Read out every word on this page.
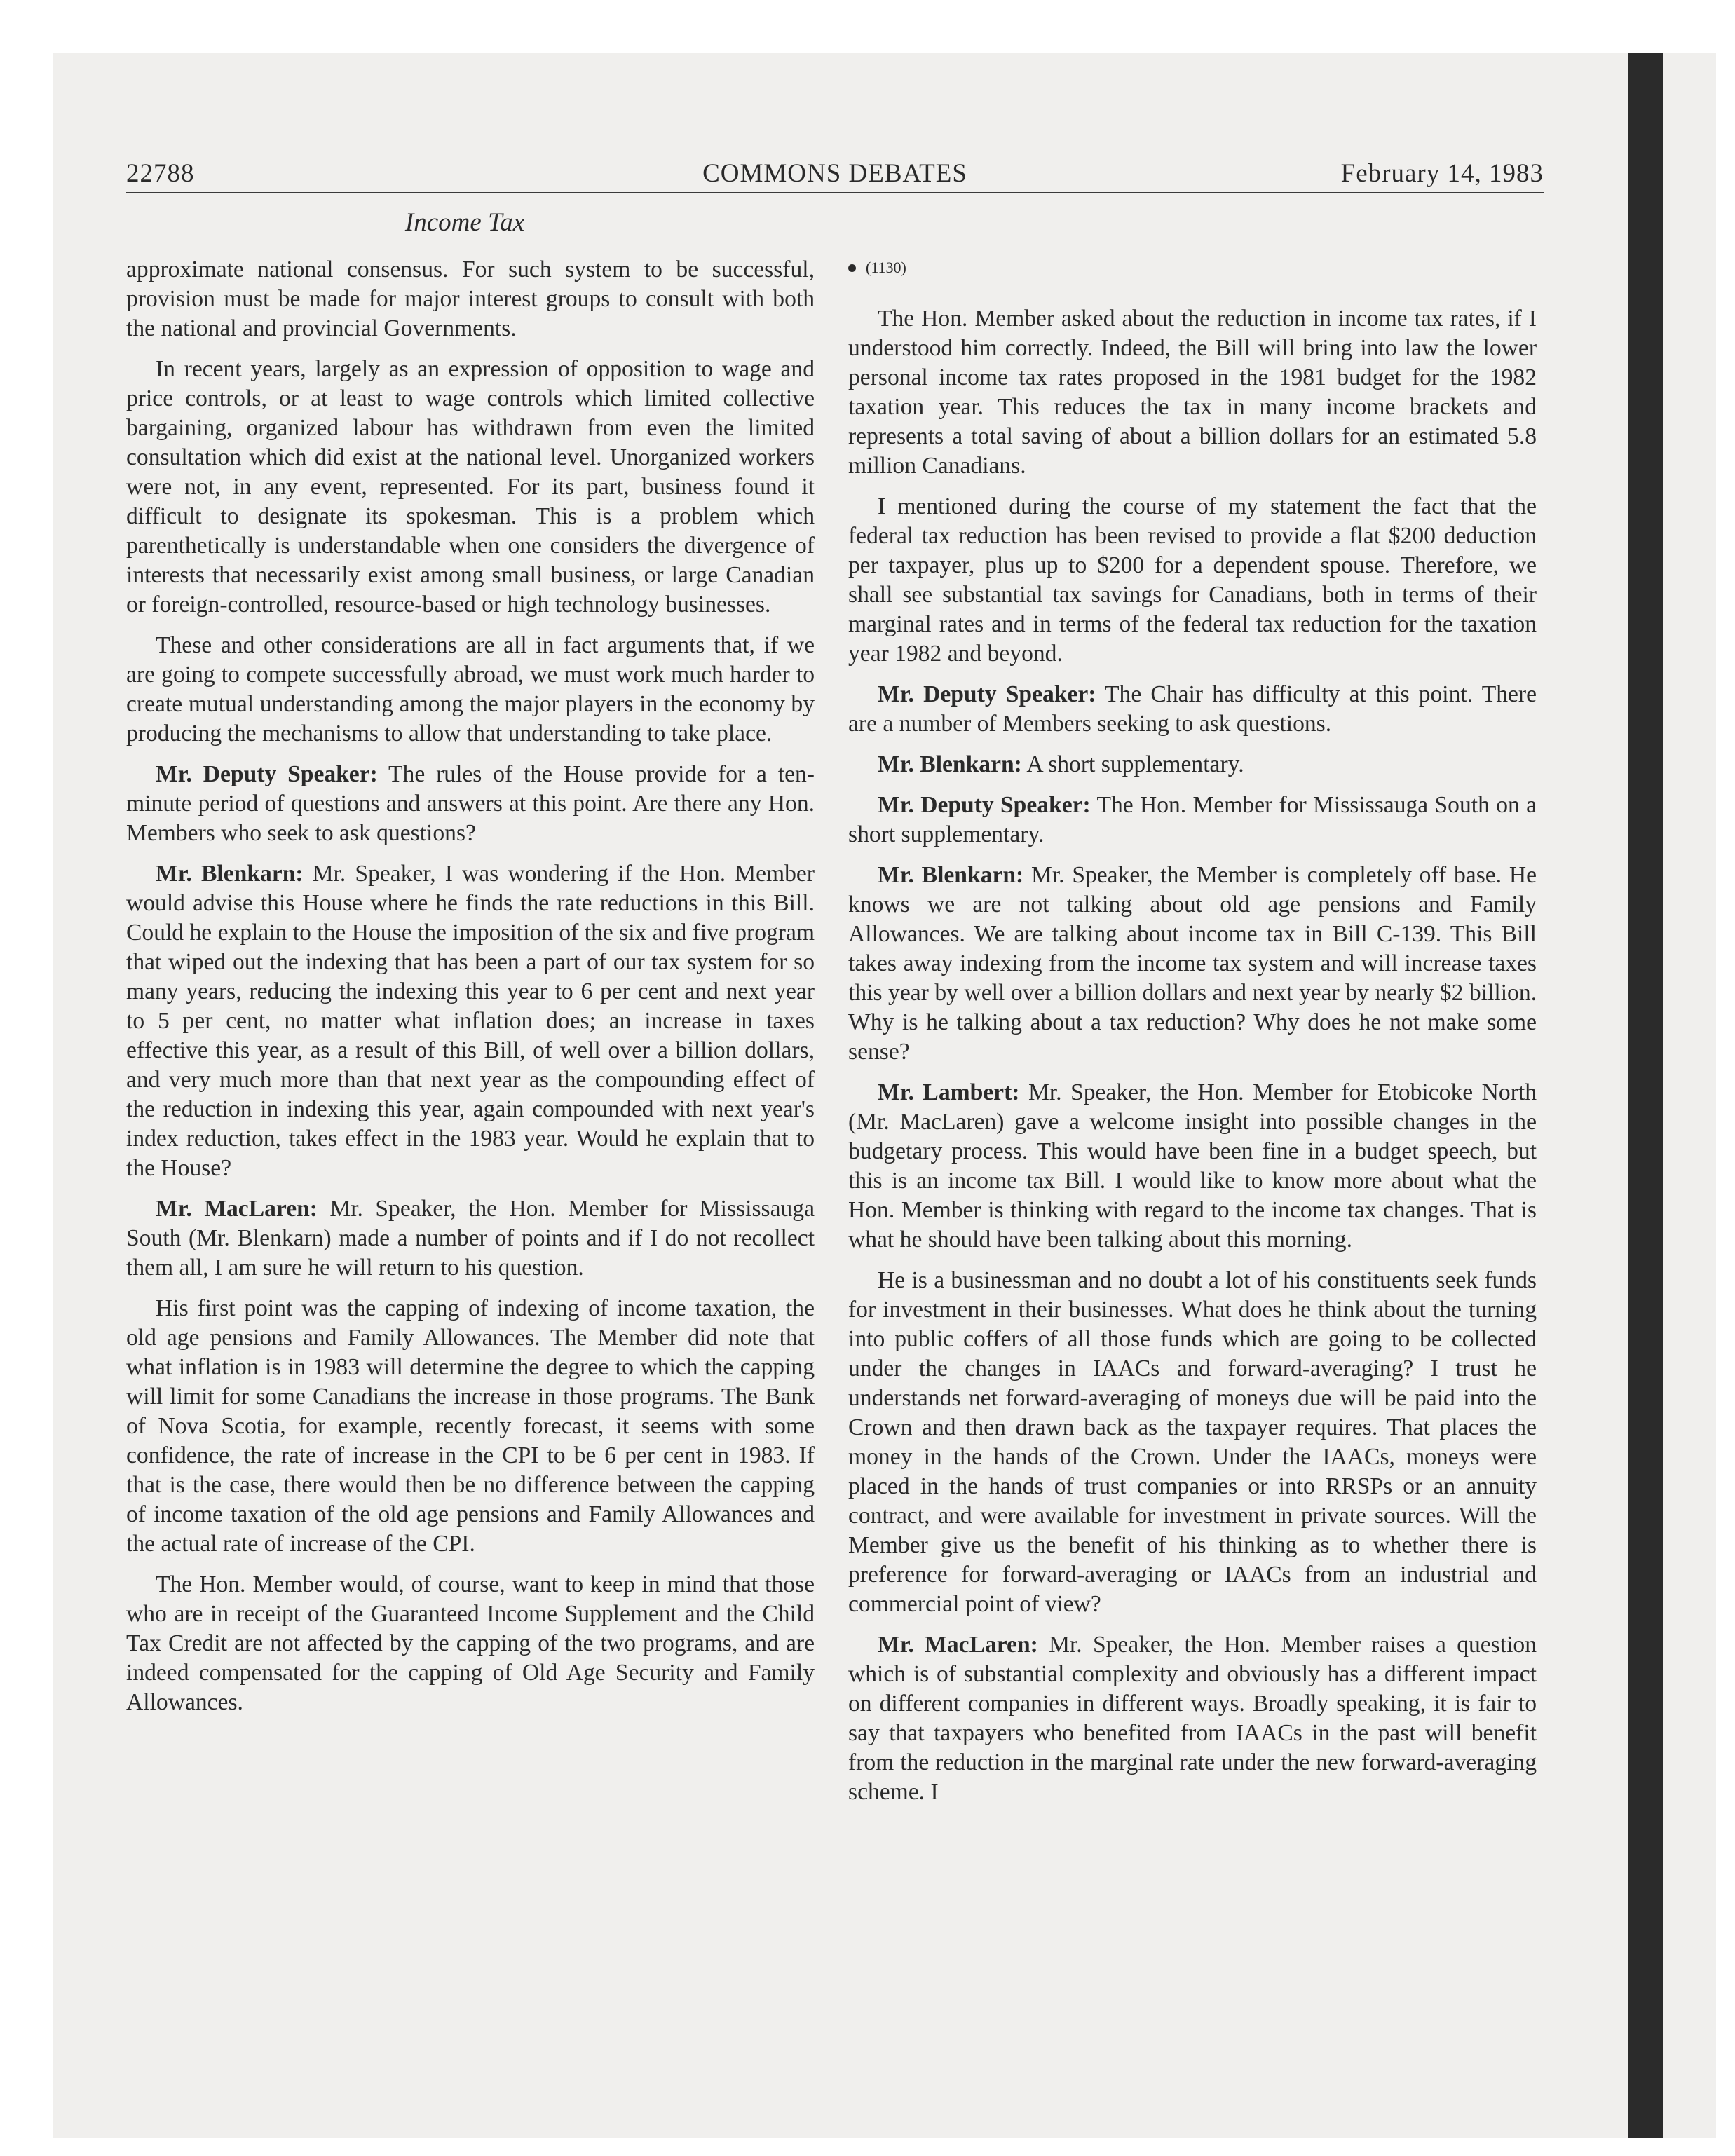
22788	COMMONS DEBATES	February 14, 1983
Income Tax

approximate national consensus. For such system to be successful, provision must be made for major interest groups to consult with both the national and provincial Governments.

In recent years, largely as an expression of opposition to wage and price controls, or at least to wage controls which limited collective bargaining, organized labour has withdrawn from even the limited consultation which did exist at the national level. Unorganized workers were not, in any event, represented. For its part, business found it difficult to designate its spokesman. This is a problem which parenthetically is understandable when one considers the divergence of interests that necessarily exist among small business, or large Canadian or foreign-controlled, resource-based or high technology businesses.

These and other considerations are all in fact arguments that, if we are going to compete successfully abroad, we must work much harder to create mutual understanding among the major players in the economy by producing the mechanisms to allow that understanding to take place.

Mr. Deputy Speaker: The rules of the House provide for a ten-minute period of questions and answers at this point. Are there any Hon. Members who seek to ask questions?

Mr. Blenkarn: Mr. Speaker, I was wondering if the Hon. Member would advise this House where he finds the rate reductions in this Bill. Could he explain to the House the imposition of the six and five program that wiped out the indexing that has been a part of our tax system for so many years, reducing the indexing this year to 6 per cent and next year to 5 per cent, no matter what inflation does; an increase in taxes effective this year, as a result of this Bill, of well over a billion dollars, and very much more than that next year as the compounding effect of the reduction in indexing this year, again compounded with next year's index reduction, takes effect in the 1983 year. Would he explain that to the House?

Mr. MacLaren: Mr. Speaker, the Hon. Member for Mississauga South (Mr. Blenkarn) made a number of points and if I do not recollect them all, I am sure he will return to his question.

His first point was the capping of indexing of income taxation, the old age pensions and Family Allowances. The Member did note that what inflation is in 1983 will determine the degree to which the capping will limit for some Canadians the increase in those programs. The Bank of Nova Scotia, for example, recently forecast, it seems with some confidence, the rate of increase in the CPI to be 6 per cent in 1983. If that is the case, there would then be no difference between the capping of income taxation of the old age pensions and Family Allowances and the actual rate of increase of the CPI.

The Hon. Member would, of course, want to keep in mind that those who are in receipt of the Guaranteed Income Supplement and the Child Tax Credit are not affected by the capping of the two programs, and are indeed compensated for the capping of Old Age Security and Family Allowances.

(1130)

The Hon. Member asked about the reduction in income tax rates, if I understood him correctly. Indeed, the Bill will bring into law the lower personal income tax rates proposed in the 1981 budget for the 1982 taxation year. This reduces the tax in many income brackets and represents a total saving of about a billion dollars for an estimated 5.8 million Canadians.

I mentioned during the course of my statement the fact that the federal tax reduction has been revised to provide a flat $200 deduction per taxpayer, plus up to $200 for a dependent spouse. Therefore, we shall see substantial tax savings for Canadians, both in terms of their marginal rates and in terms of the federal tax reduction for the taxation year 1982 and beyond.

Mr. Deputy Speaker: The Chair has difficulty at this point. There are a number of Members seeking to ask questions.

Mr. Blenkarn: A short supplementary.

Mr. Deputy Speaker: The Hon. Member for Mississauga South on a short supplementary.

Mr. Blenkarn: Mr. Speaker, the Member is completely off base. He knows we are not talking about old age pensions and Family Allowances. We are talking about income tax in Bill C-139. This Bill takes away indexing from the income tax system and will increase taxes this year by well over a billion dollars and next year by nearly $2 billion. Why is he talking about a tax reduction? Why does he not make some sense?

Mr. Lambert: Mr. Speaker, the Hon. Member for Etobicoke North (Mr. MacLaren) gave a welcome insight into possible changes in the budgetary process. This would have been fine in a budget speech, but this is an income tax Bill. I would like to know more about what the Hon. Member is thinking with regard to the income tax changes. That is what he should have been talking about this morning.

He is a businessman and no doubt a lot of his constituents seek funds for investment in their businesses. What does he think about the turning into public coffers of all those funds which are going to be collected under the changes in IAACs and forward-averaging? I trust he understands net forward-averaging of moneys due will be paid into the Crown and then drawn back as the taxpayer requires. That places the money in the hands of the Crown. Under the IAACs, moneys were placed in the hands of trust companies or into RRSPs or an annuity contract, and were available for investment in private sources. Will the Member give us the benefit of his thinking as to whether there is preference for forward-averaging or IAACs from an industrial and commercial point of view?

Mr. MacLaren: Mr. Speaker, the Hon. Member raises a question which is of substantial complexity and obviously has a different impact on different companies in different ways. Broadly speaking, it is fair to say that taxpayers who benefited from IAACs in the past will benefit from the reduction in the marginal rate under the new forward-averaging scheme. I
